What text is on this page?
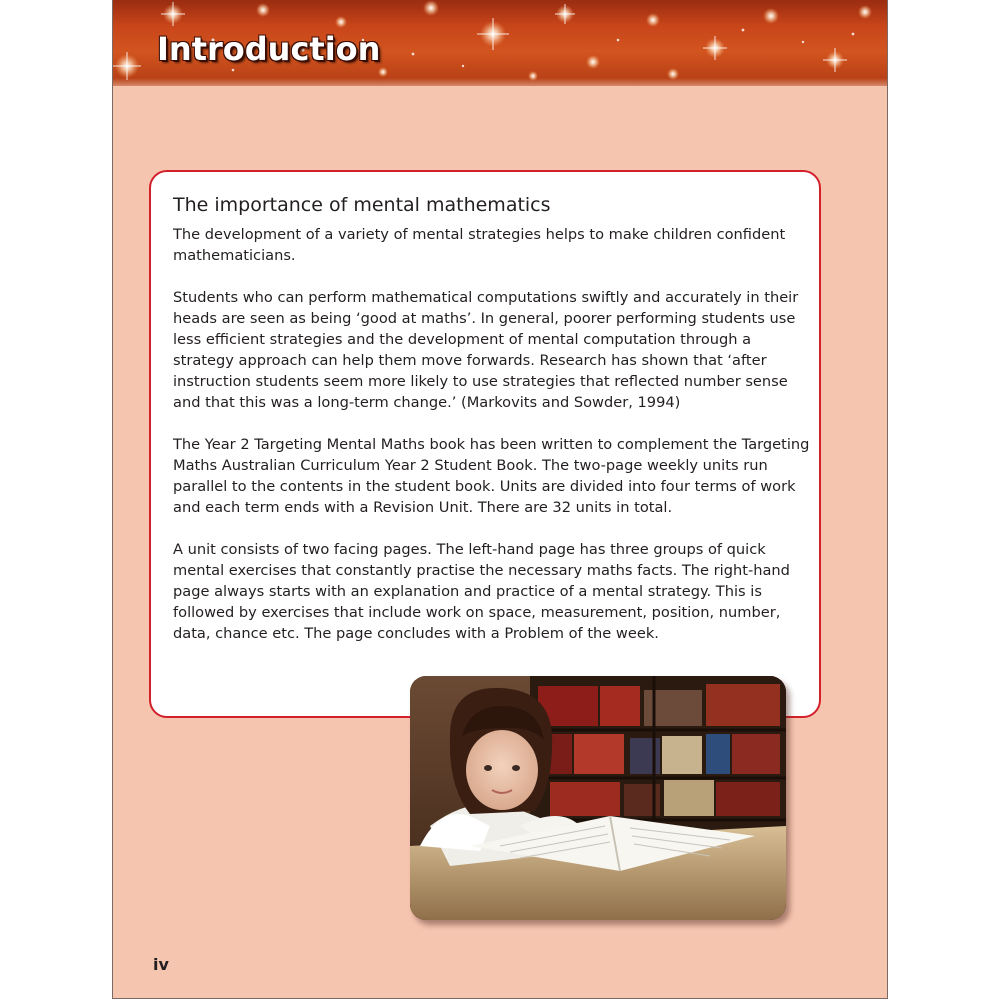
Introduction
The importance of mental mathematics

The development of a variety of mental strategies helps to make children confident mathematicians.

Students who can perform mathematical computations swiftly and accurately in their heads are seen as being ‘good at maths’. In general, poorer performing students use less efficient strategies and the development of mental computation through a strategy approach can help them move forwards. Research has shown that ‘after instruction students seem more likely to use strategies that reflected number sense and that this was a long-term change.’ (Markovits and Sowder, 1994)

The Year 2 Targeting Mental Maths book has been written to complement the Targeting Maths Australian Curriculum Year 2 Student Book. The two-page weekly units run parallel to the contents in the student book. Units are divided into four terms of work and each term ends with a Revision Unit. There are 32 units in total.

A unit consists of two facing pages. The left-hand page has three groups of quick mental exercises that constantly practise the necessary maths facts. The right-hand page always starts with an explanation and practice of a mental strategy. This is followed by exercises that include work on space, measurement, position, number, data, chance etc. The page concludes with a Problem of the week.

iv
